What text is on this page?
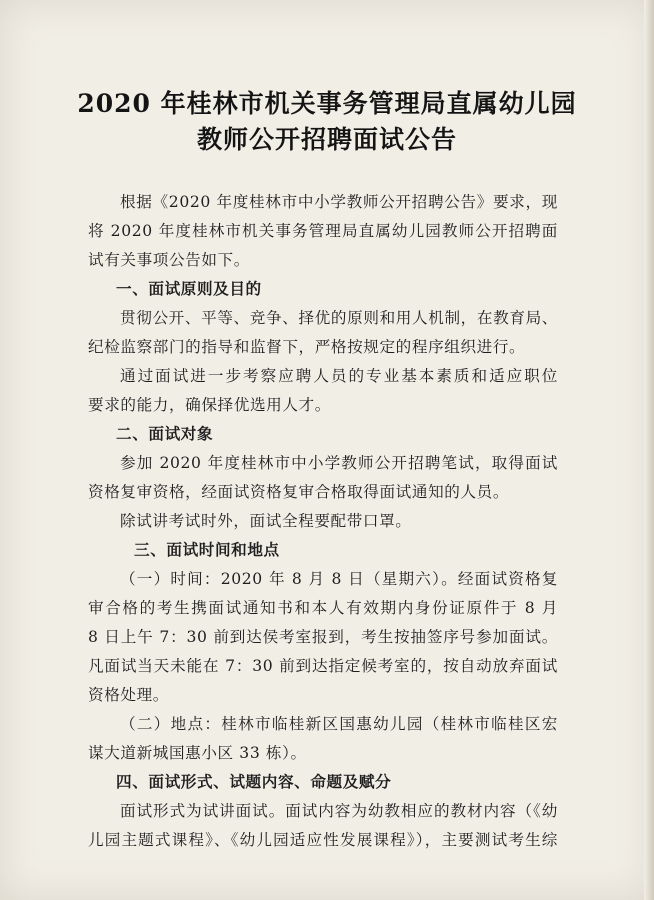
2020 年桂林市机关事务管理局直属幼儿园
教师公开招聘面试公告
根据《2020 年度桂林市中小学教师公开招聘公告》要求，现
将 2020 年度桂林市机关事务管理局直属幼儿园教师公开招聘面
试有关事项公告如下。
一、面试原则及目的
贯彻公开、平等、竞争、择优的原则和用人机制，在教育局、
纪检监察部门的指导和监督下，严格按规定的程序组织进行。
通过面试进一步考察应聘人员的专业基本素质和适应职位
要求的能力，确保择优选用人才。
二、面试对象
参加 2020 年度桂林市中小学教师公开招聘笔试，取得面试
资格复审资格，经面试资格复审合格取得面试通知的人员。
除试讲考试时外，面试全程要配带口罩。
三、面试时间和地点
（一）时间：2020 年 8 月 8 日（星期六）。经面试资格复
审合格的考生携面试通知书和本人有效期内身份证原件于 8 月
8 日上午 7：30 前到达侯考室报到，考生按抽签序号参加面试。
凡面试当天未能在 7：30 前到达指定候考室的，按自动放弃面试
资格处理。
（二）地点：桂林市临桂新区国惠幼儿园（桂林市临桂区宏
谋大道新城国惠小区 33 栋）。
四、面试形式、试题内容、命题及赋分
面试形式为试讲面试。面试内容为幼教相应的教材内容（《幼
儿园主题式课程》、《幼儿园适应性发展课程》），主要测试考生综
